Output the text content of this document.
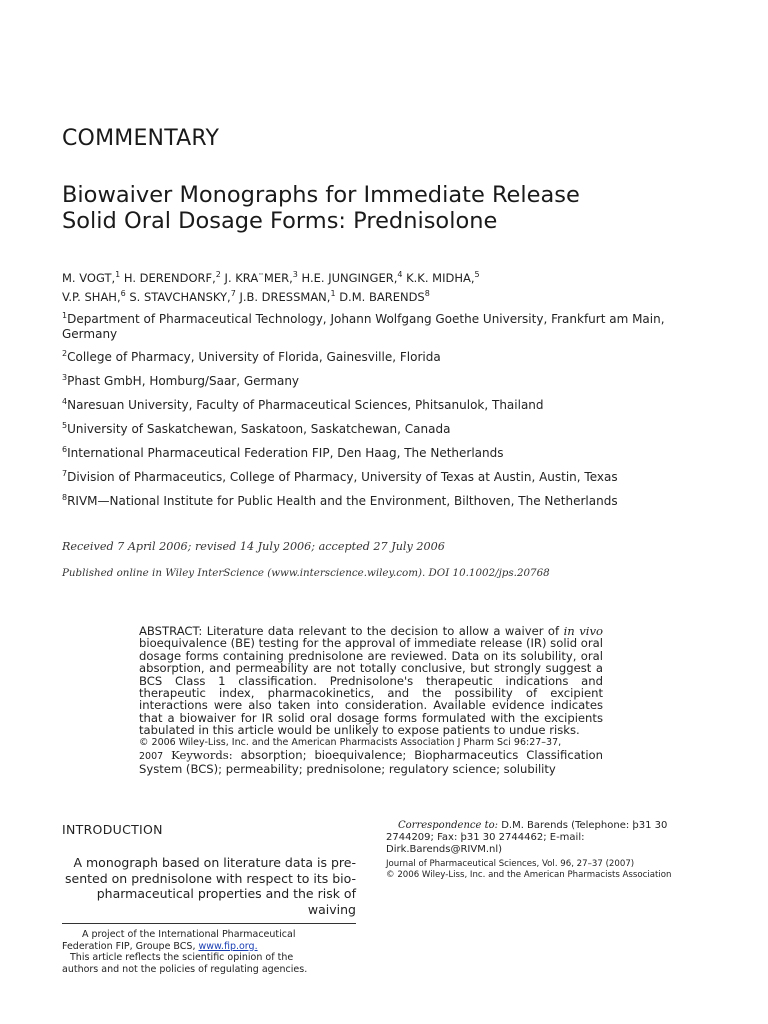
COMMENTARY
Biowaiver Monographs for Immediate Release
Solid Oral Dosage Forms: Prednisolone
M. VOGT,$^1$ H. DERENDORF,$^2$ J. KRA¨MER,$^3$ H.E. JUNGINGER,$^4$ K.K. MIDHA,$^5$
V.P. SHAH,$^6$ S. STAVCHANSKY,$^7$ J.B. DRESSMAN,$^1$ D.M. BARENDS$^8$
$^1$Department of Pharmaceutical Technology, Johann Wolfgang Goethe University, Frankfurt am Main, Germany
$^2$College of Pharmacy, University of Florida, Gainesville, Florida
$^3$Phast GmbH, Homburg/Saar, Germany
$^4$Naresuan University, Faculty of Pharmaceutical Sciences, Phitsanulok, Thailand
$^5$University of Saskatchewan, Saskatoon, Saskatchewan, Canada
$^6$International Pharmaceutical Federation FIP, Den Haag, The Netherlands
$^7$Division of Pharmaceutics, College of Pharmacy, University of Texas at Austin, Austin, Texas
$^8$RIVM—National Institute for Public Health and the Environment, Bilthoven, The Netherlands
Received 7 April 2006; revised 14 July 2006; accepted 27 July 2006
Published online in Wiley InterScience (www.interscience.wiley.com). DOI 10.1002/jps.20768
ABSTRACT: Literature data relevant to the decision to allow a waiver of in vivo bioequivalence (BE) testing for the approval of immediate release (IR) solid oral dosage forms containing prednisolone are reviewed. Data on its solubility, oral absorption, and permeability are not totally conclusive, but strongly suggest a BCS Class 1 classification. Prednisolone's therapeutic indications and therapeutic index, pharmacokinetics, and the possibility of excipient interactions were also taken into consideration. Available evidence indicates that a biowaiver for IR solid oral dosage forms formulated with the excipients tabulated in this article would be unlikely to expose patients to undue risks.
© 2006 Wiley-Liss, Inc. and the American Pharmacists Association J Pharm Sci 96:27–37,
2007 Keywords: absorption; bioequivalence; Biopharmaceutics Classification System (BCS); permeability; prednisolone; regulatory science; solubility
INTRODUCTION
A monograph based on literature data is pre-sented on prednisolone with respect to its bio-pharmaceutical properties and the risk of waiving
A project of the International Pharmaceutical
Federation FIP, Groupe BCS, www.fip.org.
This article reflects the scientific opinion of the
authors and not the policies of regulating agencies.
Correspondence to: D.M. Barends (Telephone: þ31 30 2744209; Fax: þ31 30 2744462; E-mail: Dirk.Barends@RIVM.nl)
Journal of Pharmaceutical Sciences, Vol. 96, 27–37 (2007)
© 2006 Wiley-Liss, Inc. and the American Pharmacists Association
